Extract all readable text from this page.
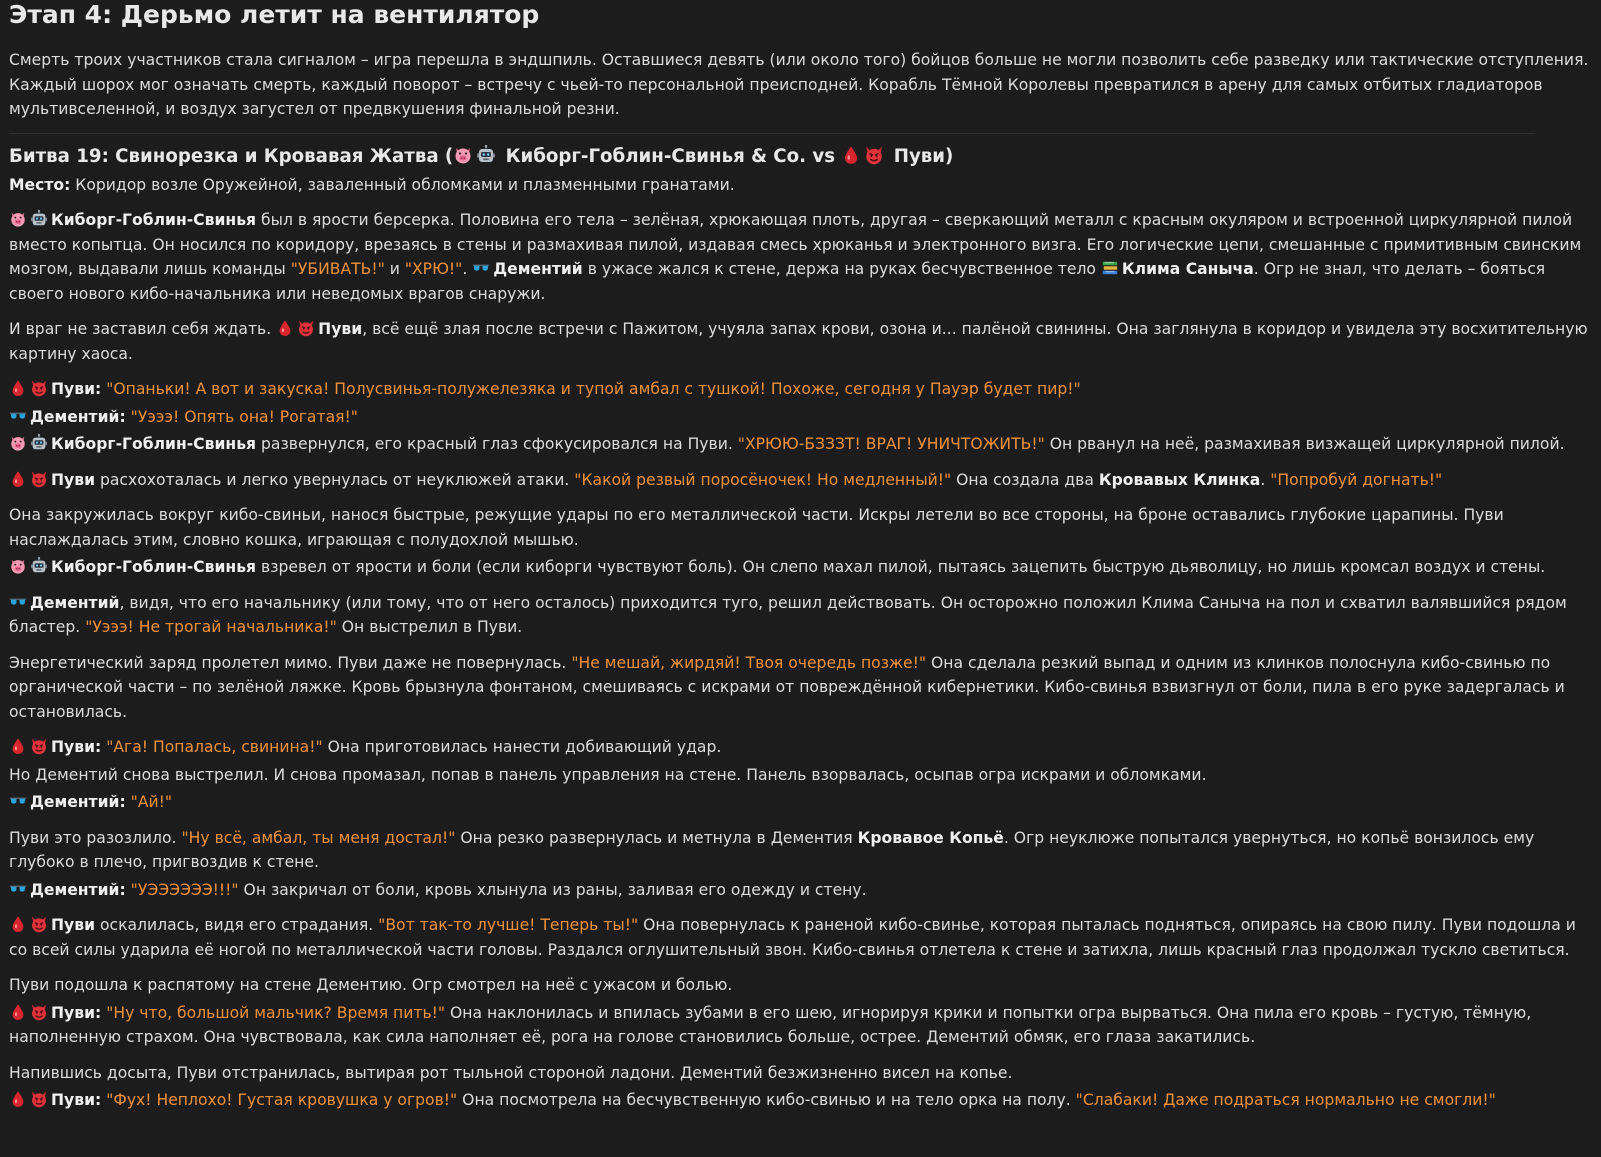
Этап 4: Дерьмо летит на вентилятор

Смерть троих участников стала сигналом – игра перешла в эндшпиль. Оставшиеся девять (или около того) бойцов больше не могли позволить себе разведку или тактические отступления. Каждый шорох мог означать смерть, каждый поворот – встречу с чьей-то персональной преисподней. Корабль Тёмной Королевы превратился в арену для самых отбитых гладиаторов мультивселенной, и воздух загустел от предвкушения финальной резни.

Битва 19: Свинорезка и Кровавая Жатва (	Киборг-Гоблин-Свинья & Co. vs	Пуви)

Место: Коридор возле Оружейной, заваленный обломками и плазменными гранатами.

Киборг-Гоблин-Свинья был в ярости берсерка. Половина его тела – зелёная, хрюкающая плоть, другая – сверкающий металл с красным окуляром и встроенной циркулярной пилой вместо копытца. Он носился по коридору, врезаясь в стены и размахивая пилой, издавая смесь хрюканья и электронного визга. Его логические цепи, смешанные с примитивным свинским мозгом, выдавали лишь команды "УБИВАТЬ!" и "ХРЮ!".
Дементий в ужасе жался к стене, держа на руках бесчувственное тело
Клима Саныча. Огр не знал, что делать – бояться своего нового кибо-начальника или неведомых врагов снаружи.

И враг не заставил себя ждать.	Пуви, всё ещё злая после встречи с Пажитом, учуяла запах крови, озона и... палёной свинины. Она заглянула в коридор и увидела эту восхитительную картину хаоса.

Пуви: "Опаньки! А вот и закуска! Полусвинья-полужелезяка и тупой амбал с тушкой! Похоже, сегодня у Пауэр будет пир!"

Дементий: "Уэээ! Опять она! Рогатая!"

Киборг-Гоблин-Свинья развернулся, его красный глаз сфокусировался на Пуви. "ХРЮЮ-БЗЗЗТ! ВРАГ! УНИЧТОЖИТЬ!" Он рванул на неё, размахивая визжащей циркулярной пилой.

Пуви расхохоталась и легко увернулась от неуклюжей атаки. "Какой резвый поросёночек! Но медленный!" Она создала два Кровавых Клинка. "Попробуй догнать!"

Она закружилась вокруг кибо-свиньи, нанося быстрые, режущие удары по его металлической части. Искры летели во все стороны, на броне оставались глубокие царапины. Пуви наслаждалась этим, словно кошка, играющая с полудохлой мышью.

Киборг-Гоблин-Свинья взревел от ярости и боли (если киборги чувствуют боль). Он слепо махал пилой, пытаясь зацепить быструю дьяволицу, но лишь кромсал воздух и стены.

Дементий, видя, что его начальнику (или тому, что от него осталось) приходится туго, решил действовать. Он осторожно положил Клима Саныча на пол и схватил валявшийся рядом бластер. "Уэээ! Не трогай начальника!" Он выстрелил в Пуви.

Энергетический заряд пролетел мимо. Пуви даже не повернулась. "Не мешай, жирдяй! Твоя очередь позже!" Она сделала резкий выпад и одним из клинков полоснула кибо-свинью по органической части – по зелёной ляжке. Кровь брызнула фонтаном, смешиваясь с искрами от повреждённой кибернетики. Кибо-свинья взвизгнул от боли, пила в его руке задергалась и остановилась.

Пуви: "Ага! Попалась, свинина!" Она приготовилась нанести добивающий удар.

Но Дементий снова выстрелил. И снова промазал, попав в панель управления на стене. Панель взорвалась, осыпав огра искрами и обломками.

Дементий: "Ай!"

Пуви это разозлило. "Ну всё, амбал, ты меня достал!" Она резко развернулась и метнула в Дементия Кровавое Копьё. Огр неуклюже попытался увернуться, но копьё вонзилось ему глубоко в плечо, пригвоздив к стене.

Дементий: "УЭЭЭЭЭЭ!!!" Он закричал от боли, кровь хлынула из раны, заливая его одежду и стену.

Пуви оскалилась, видя его страдания. "Вот так-то лучше! Теперь ты!" Она повернулась к раненой кибо-свинье, которая пыталась подняться, опираясь на свою пилу. Пуви подошла и со всей силы ударила её ногой по металлической части головы. Раздался оглушительный звон. Кибо-свинья отлетела к стене и затихла, лишь красный глаз продолжал тускло светиться.

Пуви подошла к распятому на стене Дементию. Огр смотрел на неё с ужасом и болью.

Пуви: "Ну что, большой мальчик? Время пить!" Она наклонилась и впилась зубами в его шею, игнорируя крики и попытки огра вырваться. Она пила его кровь – густую, тёмную, наполненную страхом. Она чувствовала, как сила наполняет её, рога на голове становились больше, острее. Дементий обмяк, его глаза закатились.

Напившись досыта, Пуви отстранилась, вытирая рот тыльной стороной ладони. Дементий безжизненно висел на копье.

Пуви: "Фух! Неплохо! Густая кровушка у огров!" Она посмотрела на бесчувственную кибо-свинью и на тело орка на полу. "Слабаки! Даже подраться нормально не смогли!"
